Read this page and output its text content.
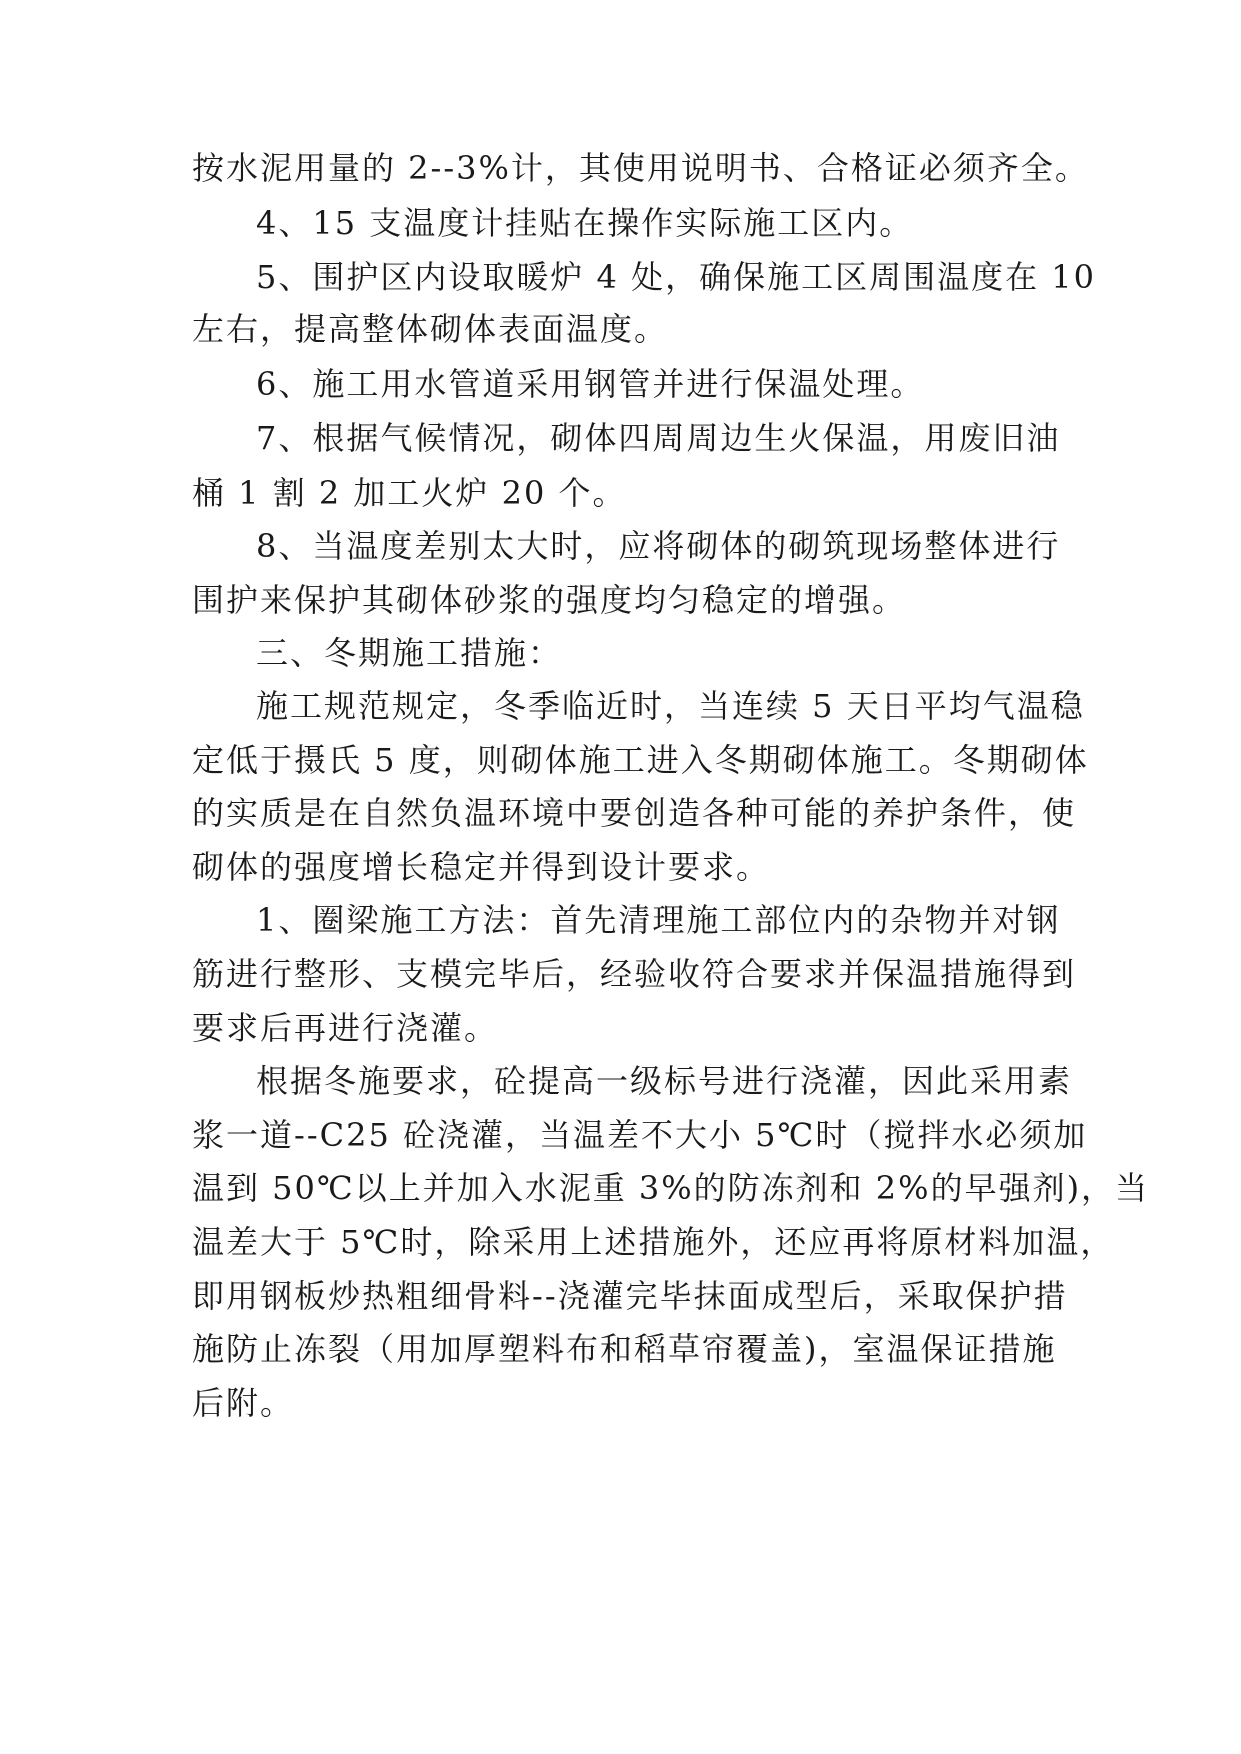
按水泥用量的 2--3%计，其使用说明书、合格证必须齐全。
4、15 支温度计挂贴在操作实际施工区内。
5、围护区内设取暖炉 4 处，确保施工区周围温度在 10
左右，提高整体砌体表面温度。
6、施工用水管道采用钢管并进行保温处理。
7、根据气候情况，砌体四周周边生火保温，用废旧油
桶 1 割 2 加工火炉 20 个。
8、当温度差别太大时，应将砌体的砌筑现场整体进行
围护来保护其砌体砂浆的强度均匀稳定的增强。
三、冬期施工措施：
施工规范规定，冬季临近时，当连续 5 天日平均气温稳
定低于摄氏 5 度，则砌体施工进入冬期砌体施工。冬期砌体
的实质是在自然负温环境中要创造各种可能的养护条件，使
砌体的强度增长稳定并得到设计要求。
1、圈梁施工方法：首先清理施工部位内的杂物并对钢
筋进行整形、支模完毕后，经验收符合要求并保温措施得到
要求后再进行浇灌。
根据冬施要求，砼提高一级标号进行浇灌，因此采用素
浆一道--C25 砼浇灌，当温差不大小 5℃时（搅拌水必须加
温到 50℃以上并加入水泥重 3%的防冻剂和 2%的早强剂)，当
温差大于 5℃时，除采用上述措施外，还应再将原材料加温，
即用钢板炒热粗细骨料--浇灌完毕抹面成型后，采取保护措
施防止冻裂（用加厚塑料布和稻草帘覆盖)，室温保证措施
后附。
